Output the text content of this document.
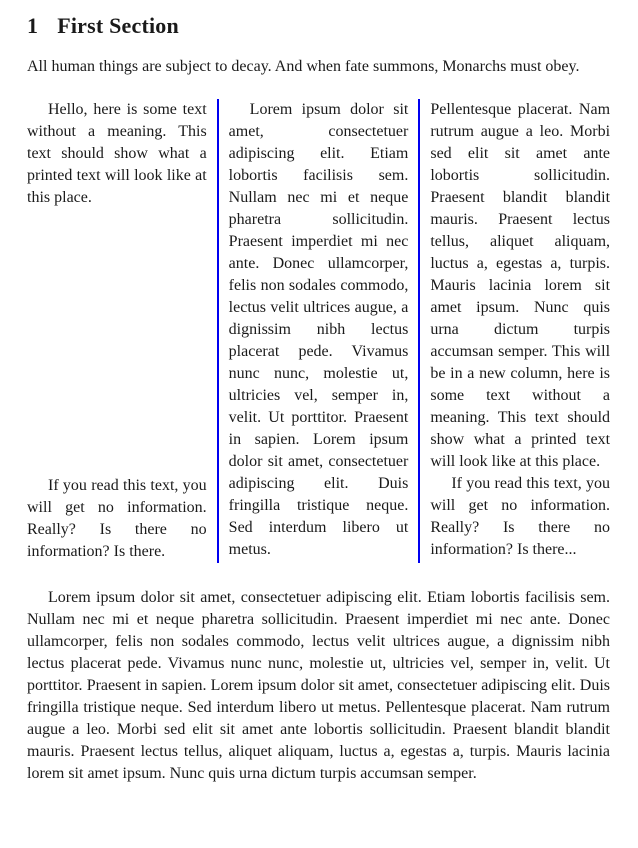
1 First Section

All human things are subject to decay. And when fate summons, Monarchs must obey.

Hello, here is some text without a meaning. This text should show what a printed text will look like at this place.

If you read this text, you will get no information. Really? Is there no information? Is there.

Lorem ipsum dolor sit amet, consectetuer adipiscing elit. Etiam lobortis facilisis sem. Nullam nec mi et neque pharetra sollicitudin. Praesent imperdiet mi nec ante. Donec ullamcorper, felis non sodales commodo, lectus velit ultrices augue, a dignissim nibh lectus placerat pede. Vivamus nunc nunc, molestie ut, ultricies vel, semper in, velit. Ut porttitor. Praesent in sapien. Lorem ipsum dolor sit amet, consectetuer adipiscing elit. Duis fringilla tristique neque. Sed interdum libero ut metus.

Pellentesque placerat. Nam rutrum augue a leo. Morbi sed elit sit amet ante lobortis sollicitudin. Praesent blandit blandit mauris. Praesent lectus tellus, aliquet aliquam, luctus a, egestas a, turpis. Mauris lacinia lorem sit amet ipsum. Nunc quis urna dictum turpis accumsan semper. This will be in a new column, here is some text without a meaning. This text should show what a printed text will look like at this place.

If you read this text, you will get no information. Really? Is there no information? Is there...

Lorem ipsum dolor sit amet, consectetuer adipiscing elit. Etiam lobortis facilisis sem. Nullam nec mi et neque pharetra sollicitudin. Praesent imperdiet mi nec ante. Donec ullamcorper, felis non sodales commodo, lectus velit ultrices augue, a dignissim nibh lectus placerat pede. Vivamus nunc nunc, molestie ut, ultricies vel, semper in, velit. Ut porttitor. Praesent in sapien. Lorem ipsum dolor sit amet, consectetuer adipiscing elit. Duis fringilla tristique neque. Sed interdum libero ut metus. Pellentesque placerat. Nam rutrum augue a leo. Morbi sed elit sit amet ante lobortis sollicitudin. Praesent blandit blandit mauris. Praesent lectus tellus, aliquet aliquam, luctus a, egestas a, turpis. Mauris lacinia lorem sit amet ipsum. Nunc quis urna dictum turpis accumsan semper.
